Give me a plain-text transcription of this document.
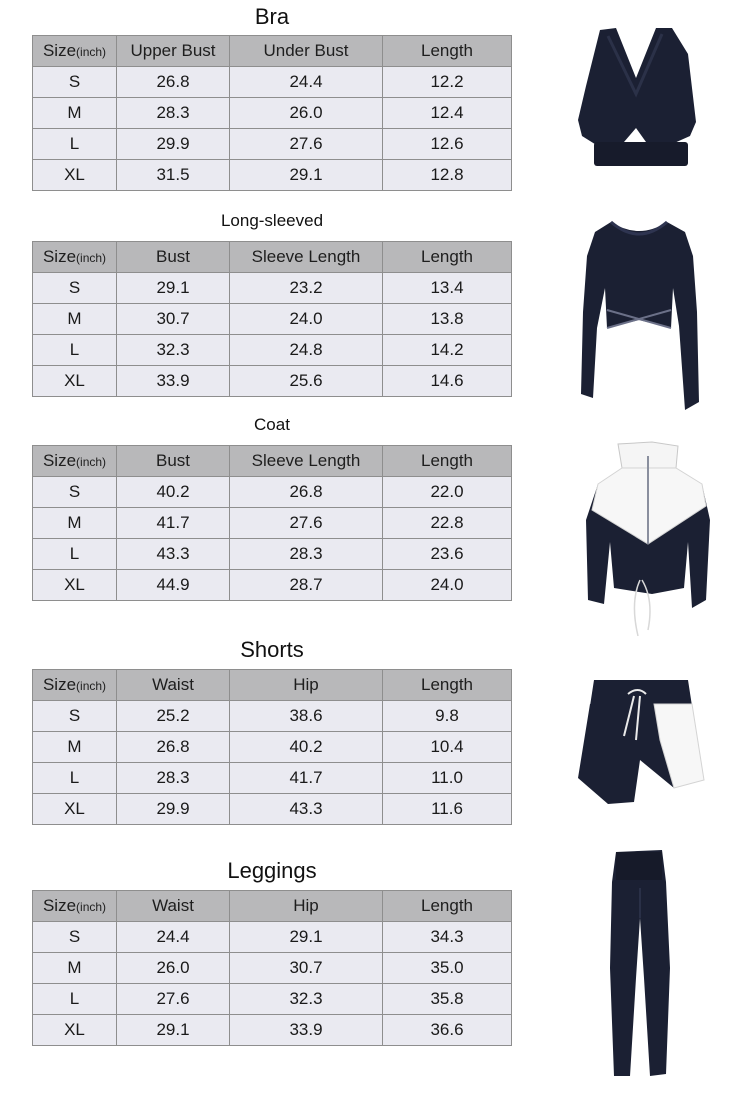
Bra
Size(inch)	Upper Bust	Under Bust	Length
S	26.8	24.4	12.2
M	28.3	26.0	12.4
L	29.9	27.6	12.6
XL	31.5	29.1	12.8
Long-sleeved
Size(inch)	Bust	Sleeve Length	Length
S	29.1	23.2	13.4
M	30.7	24.0	13.8
L	32.3	24.8	14.2
XL	33.9	25.6	14.6
Coat
Size(inch)	Bust	Sleeve Length	Length
S	40.2	26.8	22.0
M	41.7	27.6	22.8
L	43.3	28.3	23.6
XL	44.9	28.7	24.0
Shorts
Size(inch)	Waist	Hip	Length
S	25.2	38.6	9.8
M	26.8	40.2	10.4
L	28.3	41.7	11.0
XL	29.9	43.3	11.6
Leggings
Size(inch)	Waist	Hip	Length
S	24.4	29.1	34.3
M	26.0	30.7	35.0
L	27.6	32.3	35.8
XL	29.1	33.9	36.6
